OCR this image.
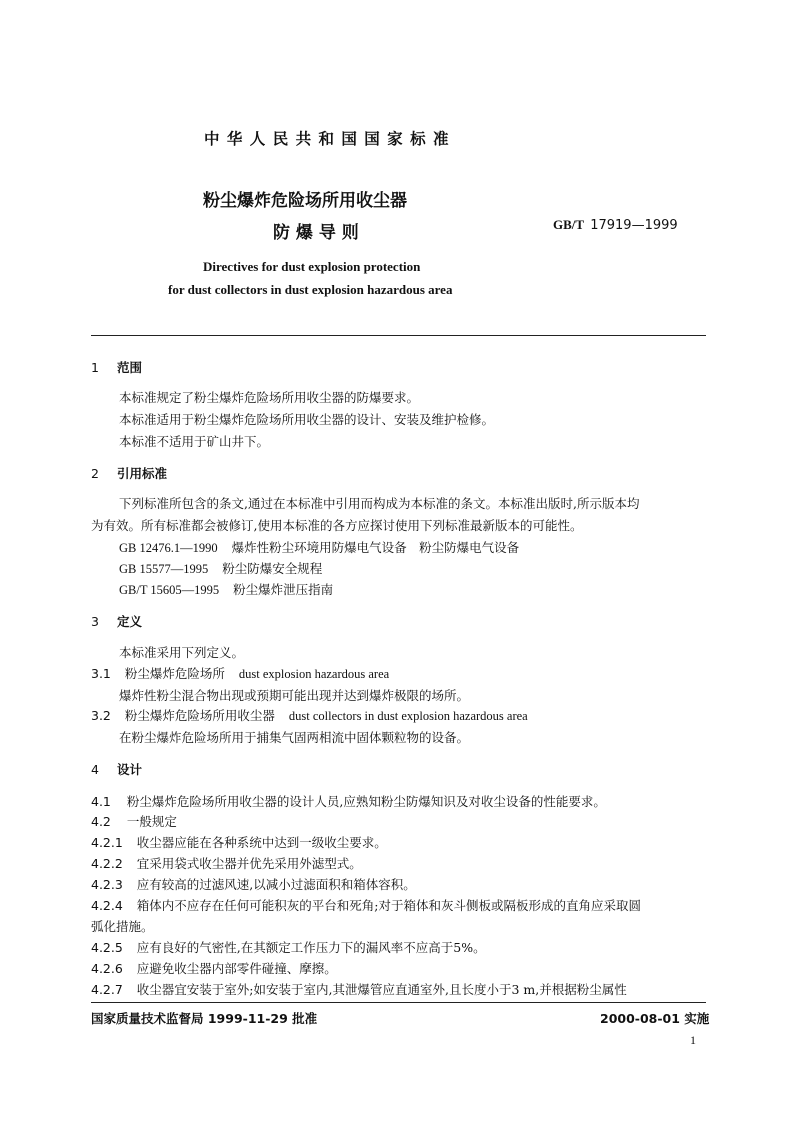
中 华 人 民 共 和 国 国 家 标 准
粉尘爆炸危险场所用收尘器
防 爆 导 则	GB/T 17919—1999
Directives for dust explosion protection
for dust collectors in dust explosion hazardous area
1 范围
本标准规定了粉尘爆炸危险场所用收尘器的防爆要求。
本标准适用于粉尘爆炸危险场所用收尘器的设计、安装及维护检修。
本标准不适用于矿山井下。
2 引用标准
下列标准所包含的条文,通过在本标准中引用而构成为本标准的条文。本标准出版时,所示版本均
为有效。所有标准都会被修订,使用本标准的各方应探讨使用下列标准最新版本的可能性。
GB 12476.1—1990 爆炸性粉尘环境用防爆电气设备　粉尘防爆电气设备
GB 15577—1995 粉尘防爆安全规程
GB/T 15605—1995 粉尘爆炸泄压指南
3 定义
本标准采用下列定义。
3.1 粉尘爆炸危险场所 dust explosion hazardous area
爆炸性粉尘混合物出现或预期可能出现并达到爆炸极限的场所。
3.2 粉尘爆炸危险场所用收尘器 dust collectors in dust explosion hazardous area
在粉尘爆炸危险场所用于捕集气固两相流中固体颗粒物的设备。
4 设计
4.1 粉尘爆炸危险场所用收尘器的设计人员,应熟知粉尘防爆知识及对收尘设备的性能要求。
4.2 一般规定
4.2.1 收尘器应能在各种系统中达到一级收尘要求。
4.2.2 宜采用袋式收尘器并优先采用外滤型式。
4.2.3 应有较高的过滤风速,以减小过滤面积和箱体容积。
4.2.4 箱体内不应存在任何可能积灰的平台和死角;对于箱体和灰斗侧板或隔板形成的直角应采取圆
弧化措施。
4.2.5 应有良好的气密性,在其额定工作压力下的漏风率不应高于5%。
4.2.6 应避免收尘器内部零件碰撞、摩擦。
4.2.7 收尘器宜安装于室外;如安装于室内,其泄爆管应直通室外,且长度小于3 m,并根据粉尘属性
国家质量技术监督局 1999-11-29 批准	2000-08-01 实施
1
